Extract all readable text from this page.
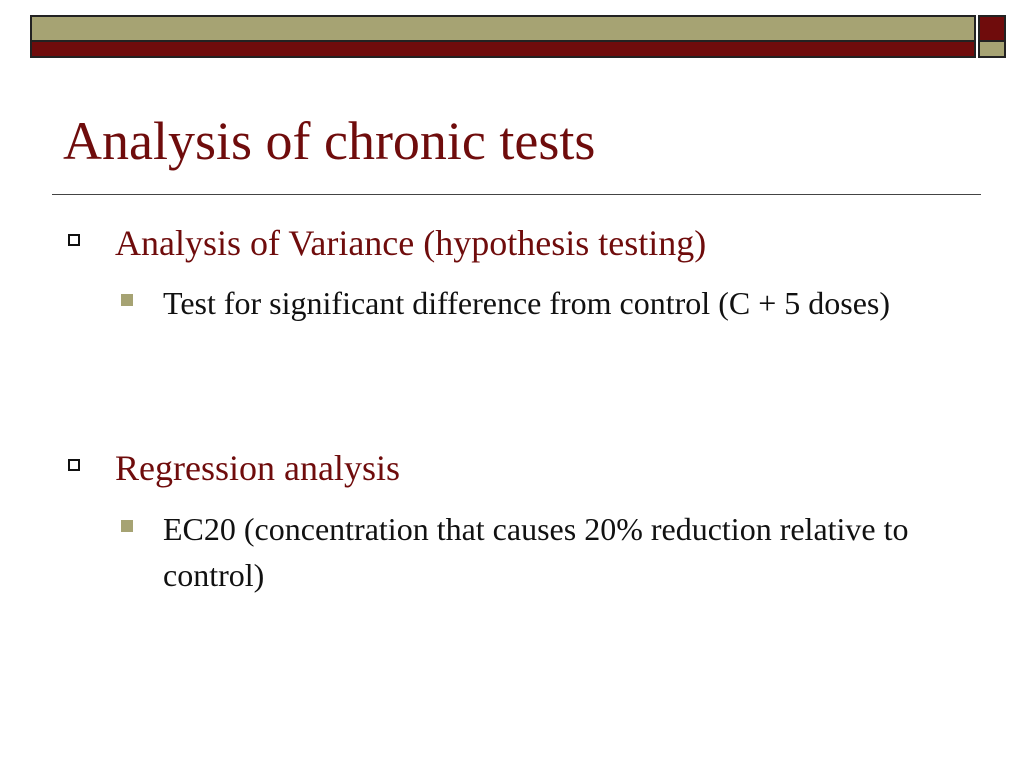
Analysis of chronic tests
Analysis of Variance (hypothesis testing)
Test for significant difference from control (C + 5 doses)
Regression analysis
EC20 (concentration that causes 20% reduction relative to control)
